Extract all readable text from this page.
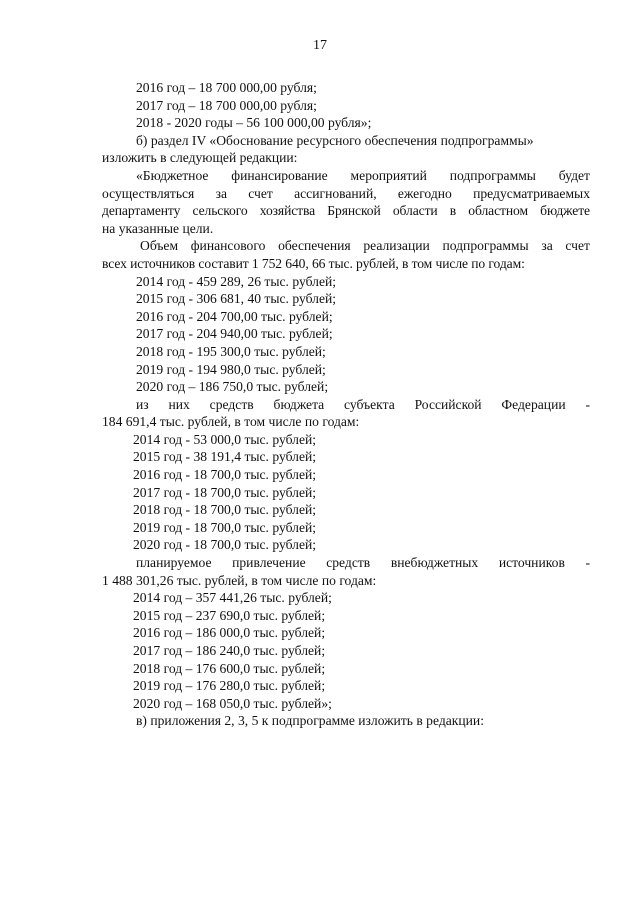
17
2016 год – 18 700 000,00 рубля;
2017 год – 18 700 000,00 рубля;
2018 - 2020 годы – 56 100 000,00 рубля»;
б) раздел IV «Обоснование ресурсного обеспечения подпрограммы»
изложить в следующей редакции:
«Бюджетное финансирование мероприятий подпрограммы будет
осуществляться за счет ассигнований, ежегодно предусматриваемых
департаменту сельского хозяйства Брянской области в областном бюджете
на указанные цели.
Объем финансового обеспечения реализации подпрограммы за счет
всех источников составит 1 752 640, 66 тыс. рублей, в том числе по годам:
2014 год - 459 289, 26 тыс. рублей;
2015 год - 306 681, 40 тыс. рублей;
2016 год - 204 700,00 тыс. рублей;
2017 год - 204 940,00 тыс. рублей;
2018 год - 195 300,0 тыс. рублей;
2019 год - 194 980,0 тыс. рублей;
2020 год – 186 750,0 тыс. рублей;
из них средств бюджета субъекта Российской Федерации -
184 691,4 тыс. рублей, в том числе по годам:
2014 год - 53 000,0 тыс. рублей;
2015 год - 38 191,4 тыс. рублей;
2016 год - 18 700,0 тыс. рублей;
2017 год - 18 700,0 тыс. рублей;
2018 год - 18 700,0 тыс. рублей;
2019 год - 18 700,0 тыс. рублей;
2020 год - 18 700,0 тыс. рублей;
планируемое привлечение средств внебюджетных источников -
1 488 301,26 тыс. рублей, в том числе по годам:
2014 год – 357 441,26 тыс. рублей;
2015 год – 237 690,0 тыс. рублей;
2016 год – 186 000,0 тыс. рублей;
2017 год – 186 240,0 тыс. рублей;
2018 год – 176 600,0 тыс. рублей;
2019 год – 176 280,0 тыс. рублей;
2020 год – 168 050,0 тыс. рублей»;
в) приложения 2, 3, 5 к подпрограмме изложить в редакции:
